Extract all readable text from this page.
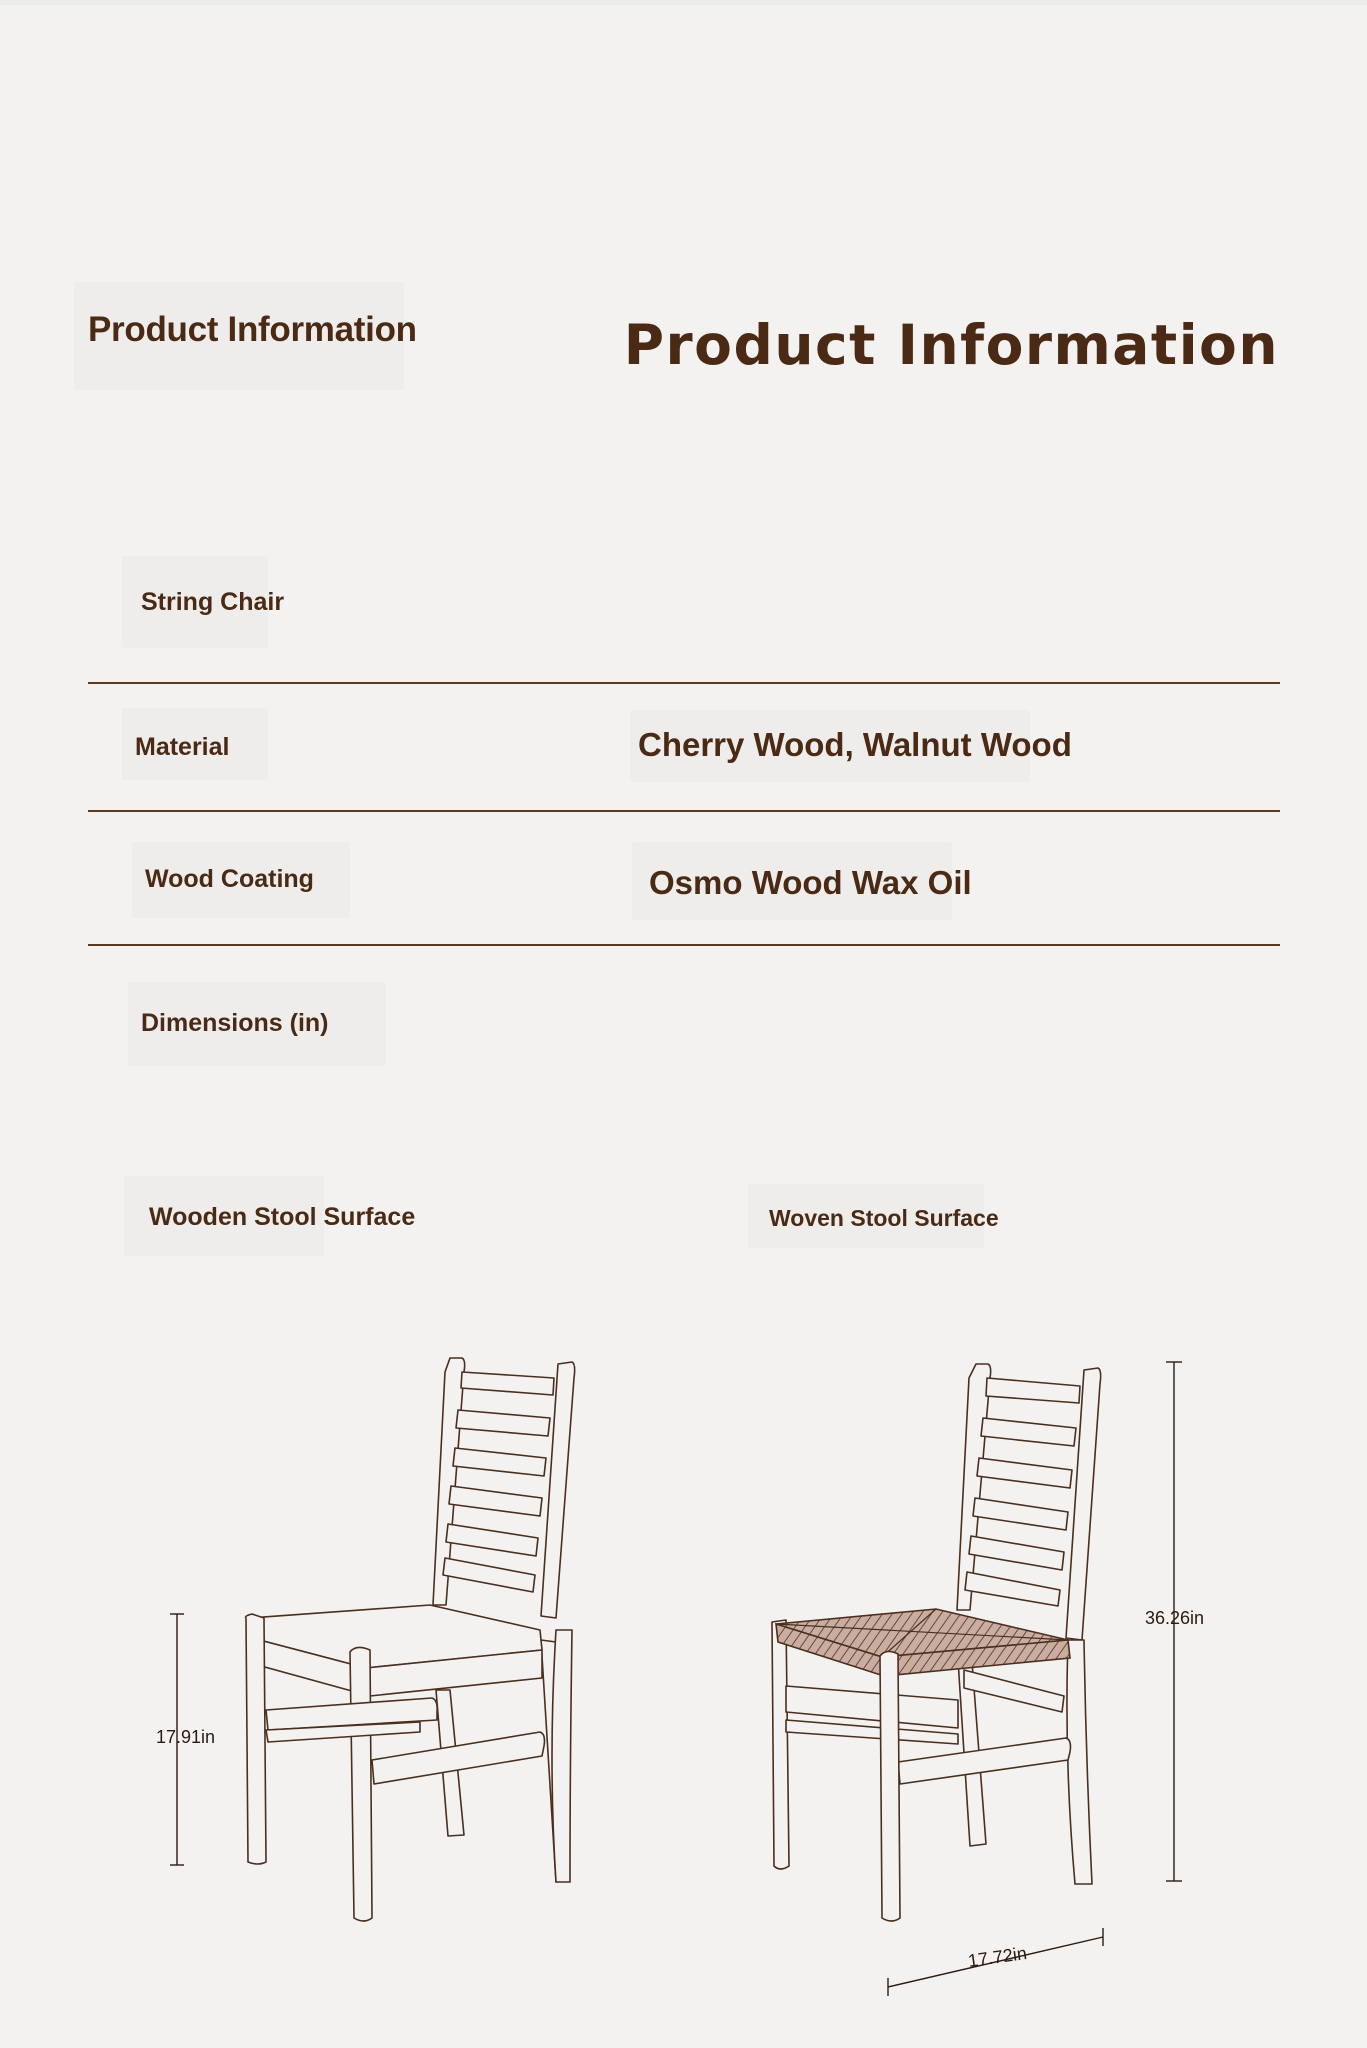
Product Information	Product Information
String Chair
Material	Cherry Wood, Walnut Wood
Wood Coating	Osmo Wood Wax Oil
Dimensions (in)
Wooden Stool Surface	Woven Stool Surface
17.91in
36.26in
17.72in
